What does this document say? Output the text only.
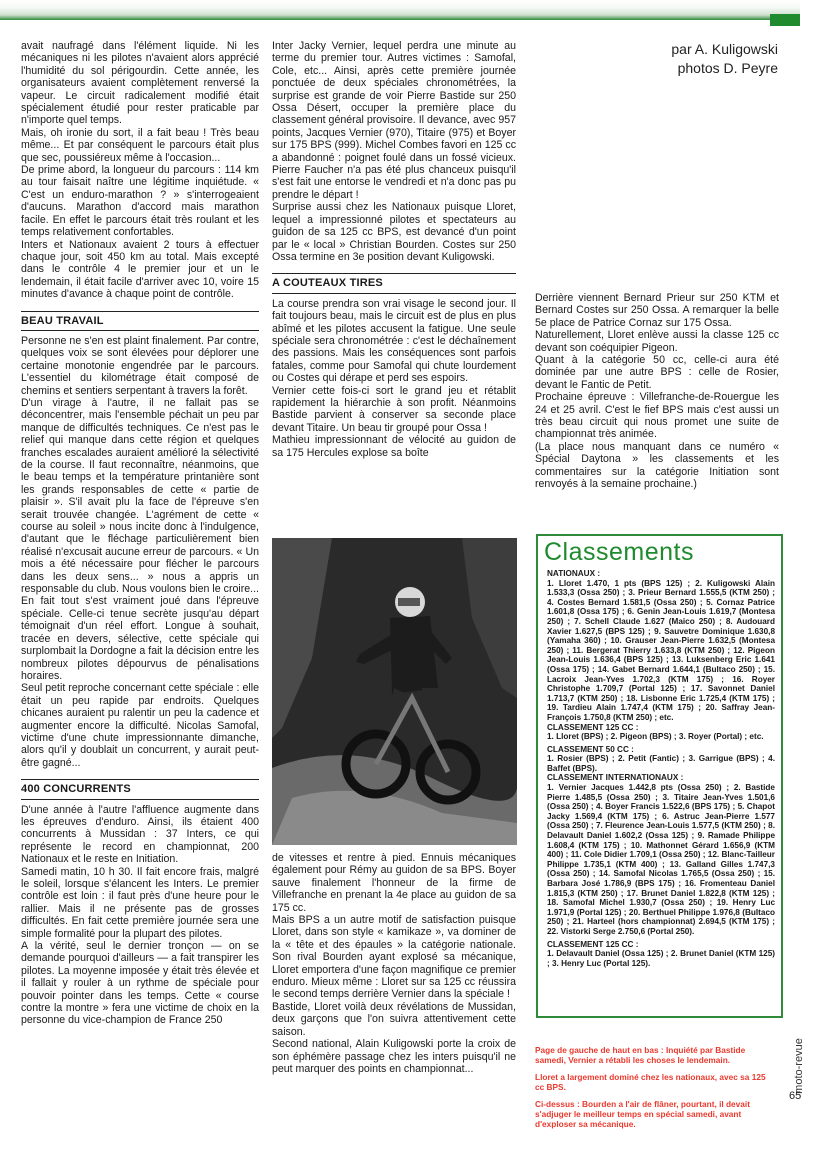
avait naufragé dans l'élément liquide. Ni les mécaniques ni les pilotes n'avaient alors apprécié l'humidité du sol périgourdin. Cette année, les organisateurs avaient complètement renversé la vapeur. Le circuit radicalement modifié était spécialement étudié pour rester praticable par n'importe quel temps.

Mais, oh ironie du sort, il a fait beau ! Très beau même... Et par conséquent le parcours était plus que sec, poussiéreux même à l'occasion...

De prime abord, la longueur du parcours : 114 km au tour faisait naître une légitime inquiétude. « C'est un enduro-marathon ? » s'interrogeaient d'aucuns. Marathon d'accord mais marathon facile. En effet le parcours était très roulant et les temps relativement confortables.

Inters et Nationaux avaient 2 tours à effectuer chaque jour, soit 450 km au total. Mais excepté dans le contrôle 4 le premier jour et un le lendemain, il était facile d'arriver avec 10, voire 15 minutes d'avance à chaque point de contrôle.

BEAU TRAVAIL

Personne ne s'en est plaint finalement. Par contre, quelques voix se sont élevées pour déplorer une certaine monotonie engendrée par le parcours. L'essentiel du kilométrage était composé de chemins et sentiers serpentant à travers la forêt.

D'un virage à l'autre, il ne fallait pas se déconcentrer, mais l'ensemble péchait un peu par manque de difficultés techniques. Ce n'est pas le relief qui manque dans cette région et quelques franches escalades auraient amélioré la sélectivité de la course. Il faut reconnaître, néanmoins, que le beau temps et la température printanière sont les grands responsables de cette « partie de plaisir ». S'il avait plu la face de l'épreuve s'en serait trouvée changée. L'agrément de cette « course au soleil » nous incite donc à l'indulgence, d'autant que le fléchage particulièrement bien réalisé n'excusait aucune erreur de parcours. « Un mois a été nécessaire pour flécher le parcours dans les deux sens... » nous a appris un responsable du club. Nous voulons bien le croire... En fait tout s'est vraiment joué dans l'épreuve spéciale. Celle-ci tenue secrète jusqu'au départ témoignait d'un réel effort. Longue à souhait, tracée en devers, sélective, cette spéciale qui surplombait la Dordogne a fait la décision entre les nombreux pilotes dépourvus de pénalisations horaires.

Seul petit reproche concernant cette spéciale : elle était un peu rapide par endroits. Quelques chicanes auraient pu ralentir un peu la cadence et augmenter encore la difficulté. Nicolas Samofal, victime d'une chute impressionnante dimanche, alors qu'il y doublait un concurrent, y aurait peut-être gagné...

400 CONCURRENTS

D'une année à l'autre l'affluence augmente dans les épreuves d'enduro. Ainsi, ils étaient 400 concurrents à Mussidan : 37 Inters, ce qui représente le record en championnat, 200 Nationaux et le reste en Initiation.

Samedi matin, 10 h 30. Il fait encore frais, malgré le soleil, lorsque s'élancent les Inters. Le premier contrôle est loin : il faut près d'une heure pour le rallier. Mais il ne présente pas de grosses difficultés. En fait cette première journée sera une simple formalité pour la plupart des pilotes.

A la vérité, seul le dernier tronçon — on se demande pourquoi d'ailleurs — a fait transpirer les pilotes. La moyenne imposée y était très élevée et il fallait y rouler à un rythme de spéciale pour pouvoir pointer dans les temps. Cette « course contre la montre » fera une victime de choix en la personne du vice-champion de France 250

Inter Jacky Vernier, lequel perdra une minute au terme du premier tour. Autres victimes : Samofal, Cole, etc... Ainsi, après cette première journée ponctuée de deux spéciales chronométrées, la surprise est grande de voir Pierre Bastide sur 250 Ossa Désert, occuper la première place du classement général provisoire. Il devance, avec 957 points, Jacques Vernier (970), Titaire (975) et Boyer sur 175 BPS (999). Michel Combes favori en 125 cc a abandonné : poignet foulé dans un fossé vicieux. Pierre Faucher n'a pas été plus chanceux puisqu'il s'est fait une entorse le vendredi et n'a donc pas pu prendre le départ !

Surprise aussi chez les Nationaux puisque Lloret, lequel a impressionné pilotes et spectateurs au guidon de sa 125 cc BPS, est devancé d'un point par le « local » Christian Bourden. Costes sur 250 Ossa termine en 3e position devant Kuligowski.

A COUTEAUX TIRES

La course prendra son vrai visage le second jour. Il fait toujours beau, mais le circuit est de plus en plus abîmé et les pilotes accusent la fatigue. Une seule spéciale sera chronométrée : c'est le déchaînement des passions. Mais les conséquences sont parfois fatales, comme pour Samofal qui chute lourdement ou Costes qui dérape et perd ses espoirs.

Vernier cette fois-ci sort le grand jeu et rétablit rapidement la hiérarchie à son profit. Néanmoins Bastide parvient à conserver sa seconde place devant Titaire. Un beau tir groupé pour Ossa !

Mathieu impressionnant de vélocité au guidon de sa 175 Hercules explose sa boîte

de vitesses et rentre à pied. Ennuis mécaniques également pour Rémy au guidon de sa BPS. Boyer sauve finalement l'honneur de la firme de Villefranche en prenant la 4e place au guidon de sa 175 cc.

Mais BPS a un autre motif de satisfaction puisque Lloret, dans son style « kamikaze », va dominer de la « tête et des épaules » la catégorie nationale. Son rival Bourden ayant explosé sa mécanique, Lloret emportera d'une façon magnifique ce premier enduro. Mieux même : Lloret sur sa 125 cc réussira le second temps derrière Vernier dans la spéciale !

Bastide, Lloret voilà deux révélations de Mussidan, deux garçons que l'on suivra attentivement cette saison.

Second national, Alain Kuligowski porte la croix de son éphémère passage chez les inters puisqu'il ne peut marquer des points en championnat...

par A. Kuligowski
photos D. Peyre

Derrière viennent Bernard Prieur sur 250 KTM et Bernard Costes sur 250 Ossa. A remarquer la belle 5e place de Patrice Cornaz sur 175 Ossa.

Naturellement, Lloret enlève aussi la classe 125 cc devant son coéquipier Pigeon.

Quant à la catégorie 50 cc, celle-ci aura été dominée par une autre BPS : celle de Rosier, devant le Fantic de Petit.

Prochaine épreuve : Villefranche-de-Rouergue les 24 et 25 avril. C'est le fief BPS mais c'est aussi un très beau circuit qui nous promet une suite de championnat très animée.

(La place nous manquant dans ce numéro « Spécial Daytona » les classements et les commentaires sur la catégorie Initiation sont renvoyés à la semaine prochaine.)

Classements

NATIONAUX :

1. Lloret 1.470, 1 pts (BPS 125) ; 2. Kuligowski Alain 1.533,3 (Ossa 250) ; 3. Prieur Bernard 1.555,5 (KTM 250) ; 4. Costes Bernard 1.581,5 (Ossa 250) ; 5. Cornaz Patrice 1.601,8 (Ossa 175) ; 6. Genin Jean-Louis 1.619,7 (Montesa 250) ; 7. Schell Claude 1.627 (Maico 250) ; 8. Audouard Xavier 1.627,5 (BPS 125) ; 9. Sauvetre Dominique 1.630,8 (Yamaha 360) ; 10. Grauser Jean-Pierre 1.632,5 (Montesa 250) ; 11. Bergerat Thierry 1.633,8 (KTM 250) ; 12. Pigeon Jean-Louis 1.636,4 (BPS 125) ; 13. Luksenberg Eric 1.641 (Ossa 175) ; 14. Gabet Bernard 1.644,1 (Bultaco 250) ; 15. Lacroix Jean-Yves 1.702,3 (KTM 175) ; 16. Royer Christophe 1.709,7 (Portal 125) ; 17. Savonnet Daniel 1.713,7 (KTM 250) ; 18. Lisbonne Eric 1.725,4 (KTM 175) ; 19. Tardieu Alain 1.747,4 (KTM 175) ; 20. Saffray Jean-François 1.750,8 (KTM 250) ; etc.

CLASSEMENT 125 CC :

1. Lloret (BPS) ; 2. Pigeon (BPS) ; 3. Royer (Portal) ; etc.

CLASSEMENT 50 CC :

1. Rosier (BPS) ; 2. Petit (Fantic) ; 3. Garrigue (BPS) ; 4. Baffet (BPS).

CLASSEMENT INTERNATIONAUX :

1. Vernier Jacques 1.442,8 pts (Ossa 250) ; 2. Bastide Pierre 1.485,5 (Ossa 250) ; 3. Titaire Jean-Yves 1.501,6 (Ossa 250) ; 4. Boyer Francis 1.522,6 (BPS 175) ; 5. Chapot Jacky 1.569,4 (KTM 175) ; 6. Astruc Jean-Pierre 1.577 (Ossa 250) ; 7. Fleurence Jean-Louis 1.577,5 (KTM 250) ; 8. Delavault Daniel 1.602,2 (Ossa 125) ; 9. Ramade Philippe 1.608,4 (KTM 175) ; 10. Mathonnet Gérard 1.656,9 (KTM 400) ; 11. Cole Didier 1.709,1 (Ossa 250) ; 12. Blanc-Tailleur Philippe 1.735,1 (KTM 400) ; 13. Galland Gilles 1.747,3 (Ossa 250) ; 14. Samofal Nicolas 1.765,5 (Ossa 250) ; 15. Barbara José 1.786,9 (BPS 175) ; 16. Fromenteau Daniel 1.815,3 (KTM 250) ; 17. Brunet Daniel 1.822,8 (KTM 125) ; 18. Samofal Michel 1.930,7 (Ossa 250) ; 19. Henry Luc 1.971,9 (Portal 125) ; 20. Berthuel Philippe 1.976,8 (Bultaco 250) ; 21. Harteel (hors championnat) 2.694,5 (KTM 175) ; 22. Vistorki Serge 2.750,6 (Portal 250).

CLASSEMENT 125 CC :

1. Delavault Daniel (Ossa 125) ; 2. Brunet Daniel (KTM 125) ; 3. Henry Luc (Portal 125).

Page de gauche de haut en bas : Inquiété par Bastide samedi, Vernier a rétabli les choses le lendemain.

Lloret a largement dominé chez les nationaux, avec sa 125 cc BPS.

Ci-dessus : Bourden a l'air de flâner, pourtant, il devait s'adjuger le meilleur temps en spécial samedi, avant d'exploser sa mécanique.

moto-revue
65
